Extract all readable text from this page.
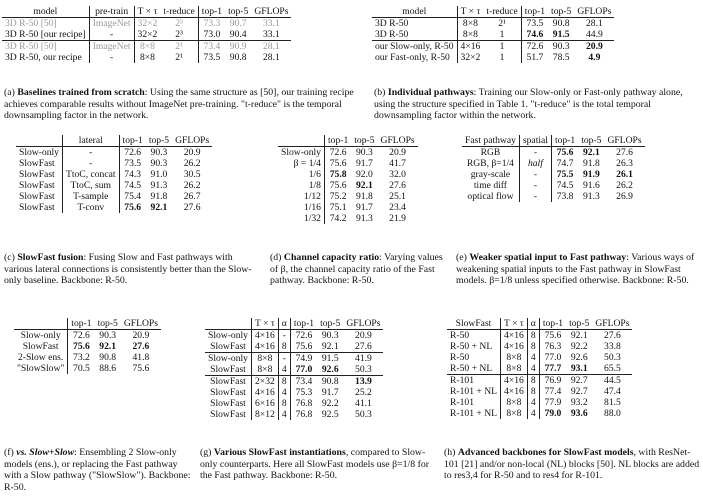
model	pre-train	T × τ	t-reduce	top-1	top-5	GFLOPs
3D R-50 [50]	ImageNet	32×2	2³	73.3	90.7	33.1
3D R-50 [our recipe]	-	32×2	2³	73.0	90.4	33.1
3D R-50 [50]	ImageNet	8×8	2¹	73.4	90.9	28.1
3D R-50, our recipe	-	8×8	2¹	73.5	90.8	28.1
(a) Baselines trained from scratch: Using the same structure as [50], our training recipe achieves comparable results without ImageNet pre-training. "t-reduce" is the temporal downsampling factor in the network.
model	T × τ	t-reduce	top-1	top-5	GFLOPs
3D R-50	8×8	2¹	73.5	90.8	28.1
3D R-50	8×8	1	74.6	91.5	44.9
our Slow-only, R-50	4×16	1	72.6	90.3	20.9
our Fast-only, R-50	32×2	1	51.7	78.5	4.9
(b) Individual pathways: Training our Slow-only or Fast-only pathway alone, using the structure specified in Table 1. "t-reduce" is the total temporal downsampling factor within the network.
	lateral	top-1	top-5	GFLOPs
Slow-only	-	72.6	90.3	20.9
SlowFast	-	73.5	90.3	26.2
SlowFast	TtoC, concat	74.3	91.0	30.5
SlowFast	TtoC, sum	74.5	91.3	26.2
SlowFast	T-sample	75.4	91.8	26.7
SlowFast	T-conv	75.6	92.1	27.6
(c) SlowFast fusion: Fusing Slow and Fast pathways with various lateral connections is consistently better than the Slow-only baseline. Backbone: R-50.
	top-1	top-5	GFLOPs
Slow-only	72.6	90.3	20.9
β = 1/4	75.6	91.7	41.7
1/6	75.8	92.0	32.0
1/8	75.6	92.1	27.6
1/12	75.2	91.8	25.1
1/16	75.1	91.7	23.4
1/32	74.2	91.3	21.9
(d) Channel capacity ratio: Varying values of β, the channel capacity ratio of the Fast pathway. Backbone: R-50.
Fast pathway	spatial	top-1	top-5	GFLOPs
RGB	-	75.6	92.1	27.6
RGB, β=1/4	half	74.7	91.8	26.3
gray-scale	-	75.5	91.9	26.1
time diff	-	74.5	91.6	26.2
optical flow	-	73.8	91.3	26.9
(e) Weaker spatial input to Fast pathway: Various ways of weakening spatial inputs to the Fast pathway in SlowFast models. β=1/8 unless specified otherwise. Backbone: R-50.
	top-1	top-5	GFLOPs
Slow-only	72.6	90.3	20.9
SlowFast	75.6	92.1	27.6
2-Slow ens.	73.2	90.8	41.8
"SlowSlow"	70.5	88.6	75.6
(f) vs. Slow+Slow: Ensembling 2 Slow-only models (ens.), or replacing the Fast pathway with a Slow pathway ("SlowSlow"). Backbone: R-50.
	T × τ	α	top-1	top-5	GFLOPs
Slow-only	4×16	-	72.6	90.3	20.9
SlowFast	4×16	8	75.6	92.1	27.6
Slow-only	8×8	-	74.9	91.5	41.9
SlowFast	8×8	4	77.0	92.6	50.3
SlowFast	2×32	8	73.4	90.8	13.9
SlowFast	4×16	4	75.3	91.7	25.2
SlowFast	6×16	8	76.8	92.2	41.1
SlowFast	8×12	4	76.8	92.5	50.3
(g) Various SlowFast instantiations, compared to Slow-only counterparts. Here all SlowFast models use β=1/8 for the Fast pathway. Backbone: R-50.
SlowFast	T × τ	α	top-1	top-5	GFLOPs
R-50	4×16	8	75.6	92.1	27.6
R-50 + NL	4×16	8	76.3	92.2	33.8
R-50	8×8	4	77.0	92.6	50.3
R-50 + NL	8×8	4	77.7	93.1	65.5
R-101	4×16	8	76.9	92.7	44.5
R-101 + NL	4×16	8	77.4	92.7	47.4
R-101	8×8	4	77.9	93.2	81.5
R-101 + NL	8×8	4	79.0	93.6	88.0
(h) Advanced backbones for SlowFast models, with ResNet-101 [21] and/or non-local (NL) blocks [50]. NL blocks are added to res3,4 for R-50 and to res4 for R-101.
